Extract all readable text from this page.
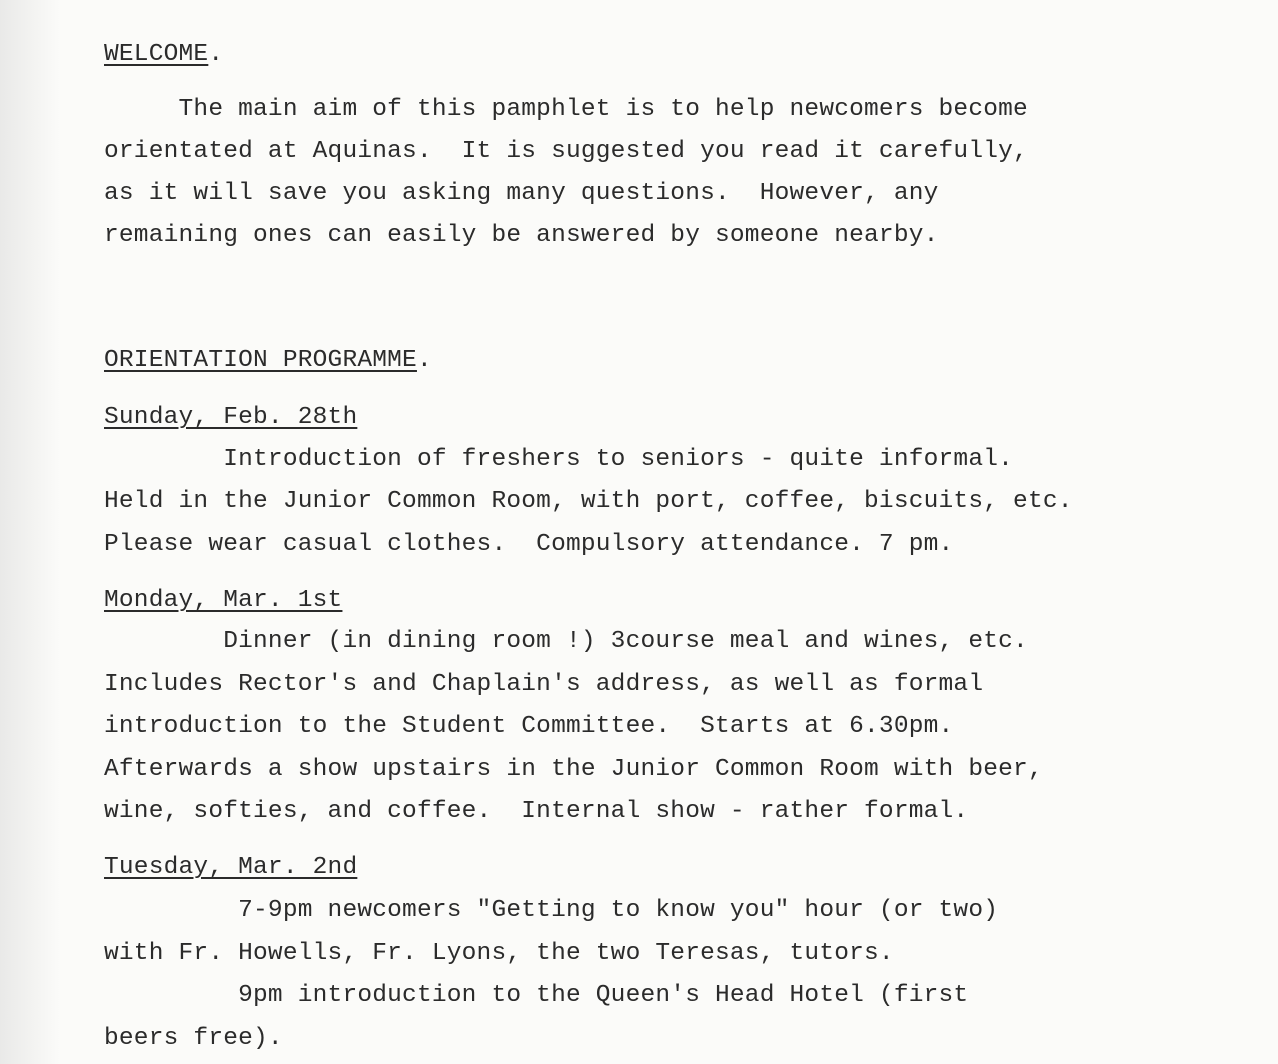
WELCOME.
The main aim of this pamphlet is to help newcomers become
orientated at Aquinas.  It is suggested you read it carefully,
as it will save you asking many questions.  However, any
remaining ones can easily be answered by someone nearby.
ORIENTATION PROGRAMME.
Sunday, Feb. 28th
Introduction of freshers to seniors - quite informal.
Held in the Junior Common Room, with port, coffee, biscuits, etc.
Please wear casual clothes.  Compulsory attendance. 7 pm.
Monday, Mar. 1st
Dinner (in dining room !) 3course meal and wines, etc.
Includes Rector's and Chaplain's address, as well as formal
introduction to the Student Committee.  Starts at 6.30pm.
Afterwards a show upstairs in the Junior Common Room with beer,
wine, softies, and coffee.  Internal show - rather formal.
Tuesday, Mar. 2nd
7-9pm newcomers "Getting to know you" hour (or two)
with Fr. Howells, Fr. Lyons, the two Teresas, tutors.
9pm introduction to the Queen's Head Hotel (first
beers free).
